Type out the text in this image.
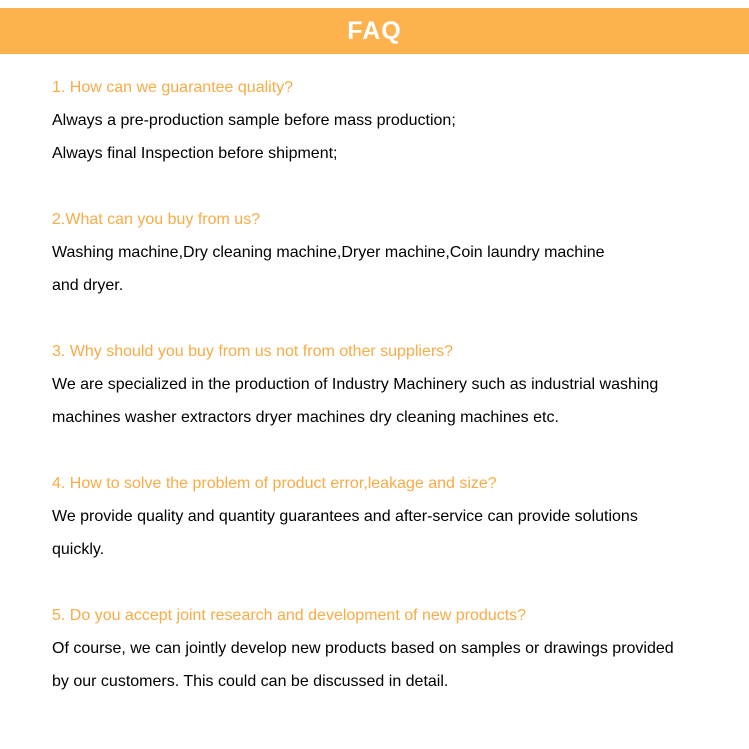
FAQ
1. How can we guarantee quality?
Always a pre-production sample before mass production;
Always final Inspection before shipment;
2.What can you buy from us?
Washing machine,Dry cleaning machine,Dryer machine,Coin laundry machine
and dryer.
3. Why should you buy from us not from other suppliers?
We are specialized in the production of Industry Machinery such as industrial washing
machines washer extractors dryer machines dry cleaning machines etc.
4. How to solve the problem of product error,leakage and size?
We provide quality and quantity guarantees and after-service can provide solutions
quickly.
5. Do you accept joint research and development of new products?
Of course, we can jointly develop new products based on samples or drawings provided
by our customers. This could can be discussed in detail.
